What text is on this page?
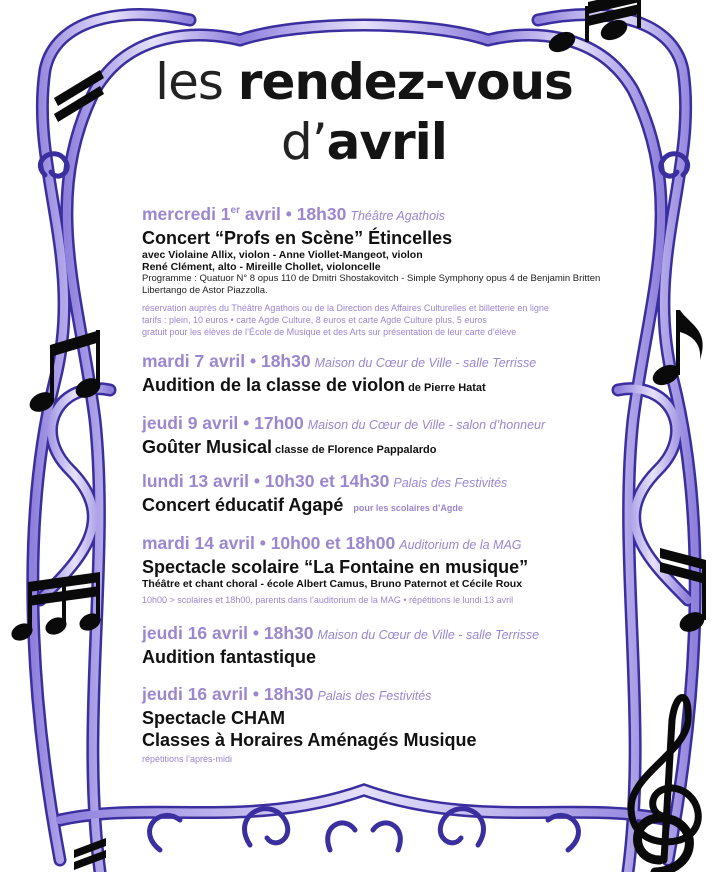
les rendez-vous
d’avril
mercredi 1er avril • 18h30 Théâtre Agathois
Concert “Profs en Scène” Étincelles
avec Violaine Allix, violon - Anne Viollet-Mangeot, violon
René Clément, alto - Mireille Chollet, violoncelle
Programme : Quatuor N° 8 opus 110 de Dmitri Shostakovitch - Simple Symphony opus 4 de Benjamin Britten Libertango de Astor Piazzolla.
réservation auprès du Théâtre Agathois ou de la Direction des Affaires Culturelles et billetterie en ligne
tarifs : plein, 10 euros • carte Agde Culture, 8 euros et carte Agde Culture plus, 5 euros
gratuit pour les élèves de l’École de Musique et des Arts sur présentation de leur carte d’élève
mardi 7 avril • 18h30 Maison du Cœur de Ville - salle Terrisse
Audition de la classe de violon de Pierre Hatat
jeudi 9 avril • 17h00 Maison du Cœur de Ville - salon d’honneur
Goûter Musical classe de Florence Pappalardo
lundi 13 avril • 10h30 et 14h30 Palais des Festivités
Concert éducatif Agapé pour les scolaires d’Agde
mardi 14 avril • 10h00 et 18h00 Auditorium de la MAG
Spectacle scolaire “La Fontaine en musique”
Théâtre et chant choral - école Albert Camus, Bruno Paternot et Cécile Roux
10h00 > scolaires et 18h00, parents dans l’auditorium de la MAG • répétitions le lundi 13 avril
jeudi 16 avril • 18h30 Maison du Cœur de Ville - salle Terrisse
Audition fantastique
jeudi 16 avril • 18h30 Palais des Festivités
Spectacle CHAM
Classes à Horaires Aménagés Musique
répétitions l’après-midi
